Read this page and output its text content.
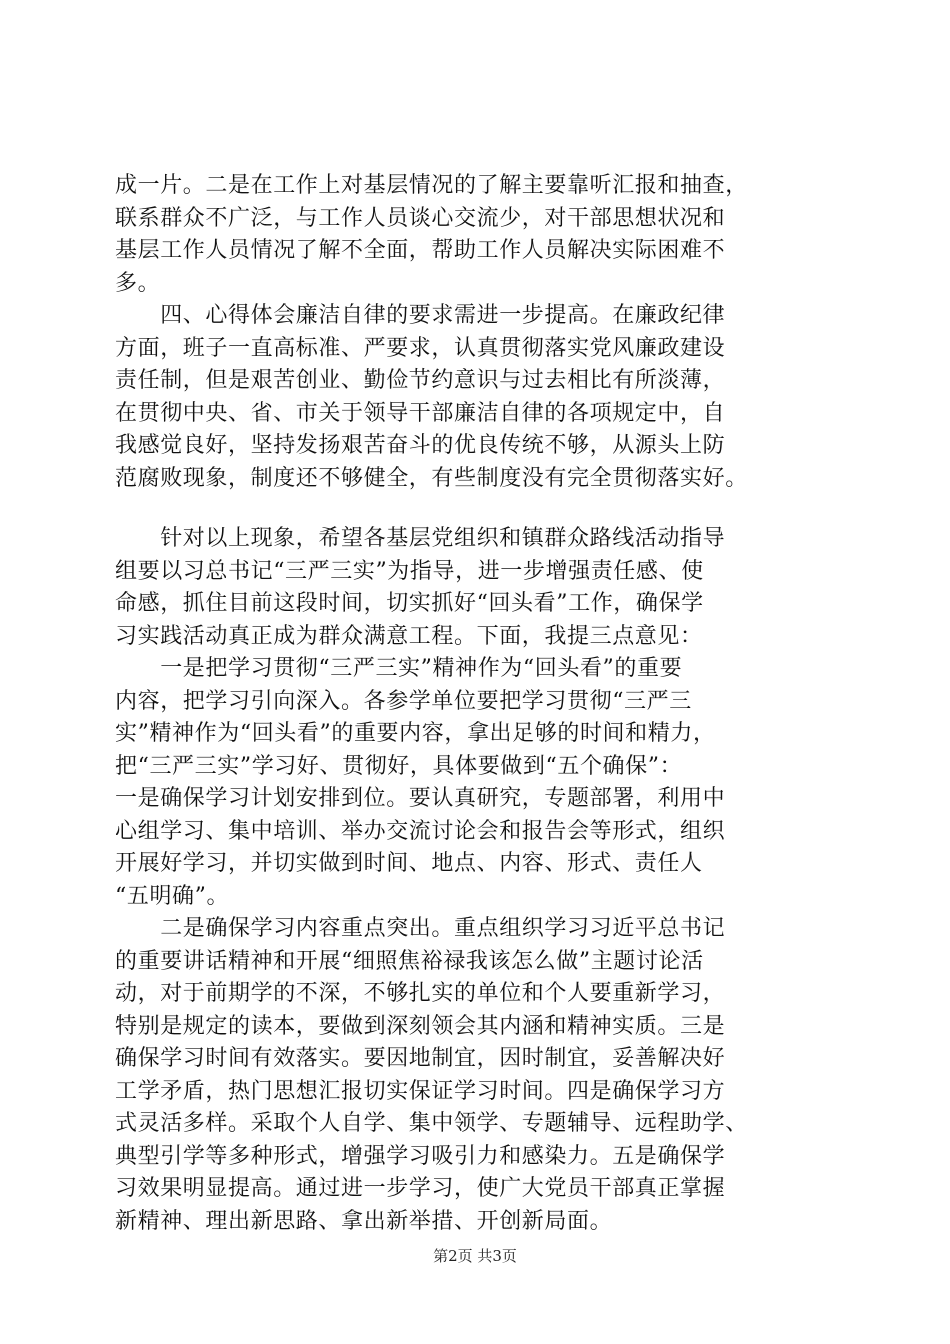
成一片。二是在工作上对基层情况的了解主要靠听汇报和抽查，
联系群众不广泛，与工作人员谈心交流少，对干部思想状况和
基层工作人员情况了解不全面，帮助工作人员解决实际困难不
多。
　　四、心得体会廉洁自律的要求需进一步提高。在廉政纪律
方面，班子一直高标准、严要求，认真贯彻落实党风廉政建设
责任制，但是艰苦创业、勤俭节约意识与过去相比有所淡薄，
在贯彻中央、省、市关于领导干部廉洁自律的各项规定中，自
我感觉良好，坚持发扬艰苦奋斗的优良传统不够，从源头上防
范腐败现象，制度还不够健全，有些制度没有完全贯彻落实好。
　　针对以上现象，希望各基层党组织和镇群众路线活动指导
组要以习总书记“三严三实”为指导，进一步增强责任感、使
命感，抓住目前这段时间，切实抓好“回头看”工作，确保学
习实践活动真正成为群众满意工程。下面，我提三点意见：
　　一是把学习贯彻“三严三实”精神作为“回头看”的重要
内容，把学习引向深入。各参学单位要把学习贯彻“三严三
实”精神作为“回头看”的重要内容，拿出足够的时间和精力，
把“三严三实”学习好、贯彻好，具体要做到“五个确保”：
一是确保学习计划安排到位。要认真研究，专题部署，利用中
心组学习、集中培训、举办交流讨论会和报告会等形式，组织
开展好学习，并切实做到时间、地点、内容、形式、责任人
“五明确”。
　　二是确保学习内容重点突出。重点组织学习习近平总书记
的重要讲话精神和开展“细照焦裕禄我该怎么做”主题讨论活
动，对于前期学的不深，不够扎实的单位和个人要重新学习，
特别是规定的读本，要做到深刻领会其内涵和精神实质。三是
确保学习时间有效落实。要因地制宜，因时制宜，妥善解决好
工学矛盾，热门思想汇报切实保证学习时间。四是确保学习方
式灵活多样。采取个人自学、集中领学、专题辅导、远程助学、
典型引学等多种形式，增强学习吸引力和感染力。五是确保学
习效果明显提高。通过进一步学习，使广大党员干部真正掌握
新精神、理出新思路、拿出新举措、开创新局面。
第2页 共3页
